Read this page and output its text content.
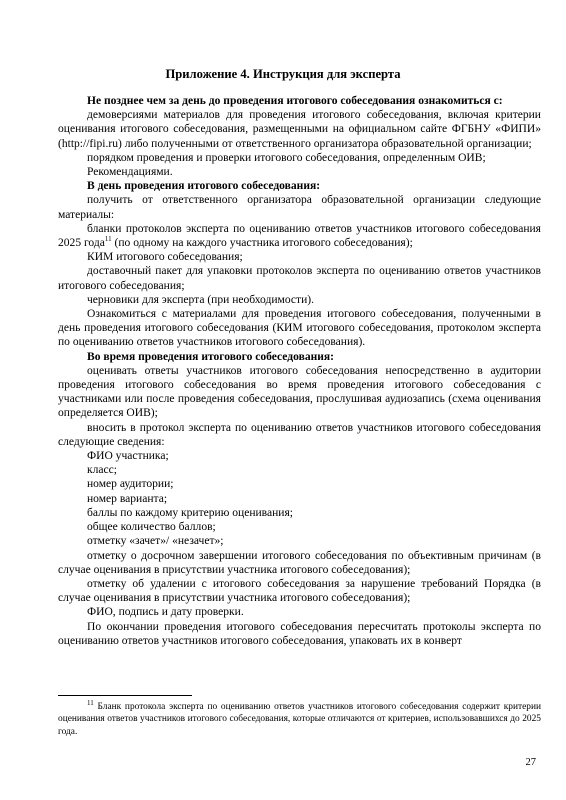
Приложение 4. Инструкция для эксперта

Не позднее чем за день до проведения итогового собеседования ознакомиться с:

демоверсиями материалов для проведения итогового собеседования, включая критерии оценивания итогового собеседования, размещенными на официальном сайте ФГБНУ «ФИПИ» (http://fipi.ru) либо полученными от ответственного организатора образовательной организации;

порядком проведения и проверки итогового собеседования, определенным ОИВ;

Рекомендациями.

В день проведения итогового собеседования:

получить от ответственного организатора образовательной организации следующие материалы:

бланки протоколов эксперта по оцениванию ответов участников итогового собеседования 2025 года$^{11}$ (по одному на каждого участника итогового собеседования);

КИМ итогового собеседования;

доставочный пакет для упаковки протоколов эксперта по оцениванию ответов участников итогового собеседования;

черновики для эксперта (при необходимости).

Ознакомиться с материалами для проведения итогового собеседования, полученными в день проведения итогового собеседования (КИМ итогового собеседования, протоколом эксперта по оцениванию ответов участников итогового собеседования).

Во время проведения итогового собеседования:

оценивать ответы участников итогового собеседования непосредственно в аудитории проведения итогового собеседования во время проведения итогового собеседования с участниками или после проведения собеседования, прослушивая аудиозапись (схема оценивания определяется ОИВ);

вносить в протокол эксперта по оцениванию ответов участников итогового собеседования следующие сведения:

ФИО участника;

класс;

номер аудитории;

номер варианта;

баллы по каждому критерию оценивания;

общее количество баллов;

отметку «зачет»/ «незачет»;

отметку о досрочном завершении итогового собеседования по объективным причинам (в случае оценивания в присутствии участника итогового собеседования);

отметку об удалении с итогового собеседования за нарушение требований Порядка (в случае оценивания в присутствии участника итогового собеседования);

ФИО, подпись и дату проверки.

По окончании проведения итогового собеседования пересчитать протоколы эксперта по оцениванию ответов участников итогового собеседования, упаковать их в конверт

$^{11}$ Бланк протокола эксперта по оцениванию ответов участников итогового собеседования содержит критерии оценивания ответов участников итогового собеседования, которые отличаются от критериев, использовавшихся до 2025 года.

27
